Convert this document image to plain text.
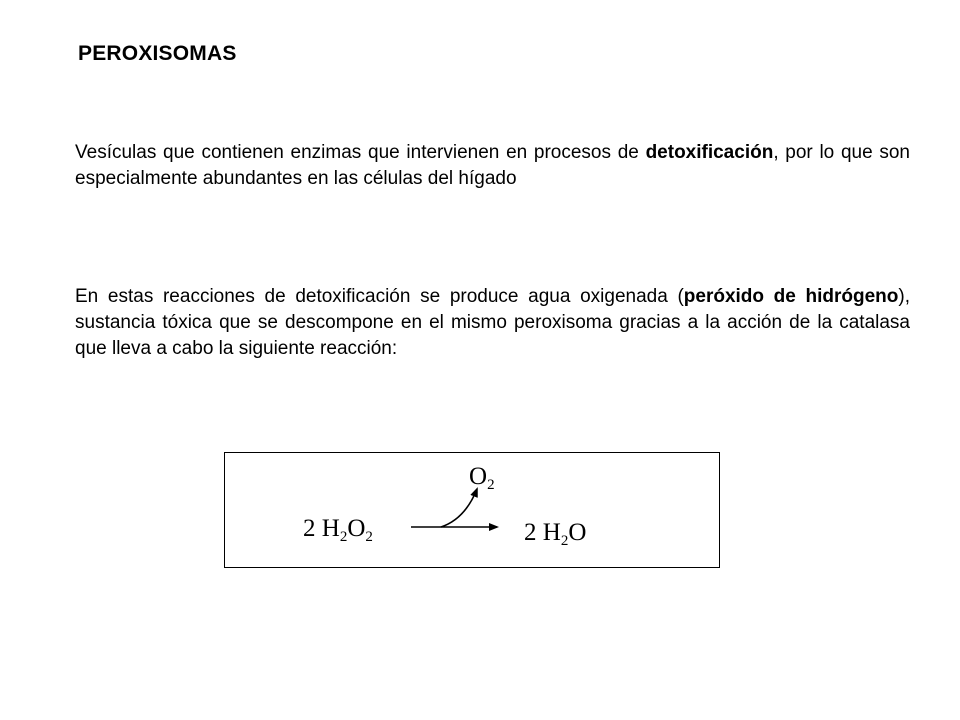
PEROXISOMAS
Vesículas que contienen enzimas que intervienen en procesos de detoxificación, por lo que son especialmente abundantes en las células del hígado
En estas reacciones de detoxificación se produce agua oxigenada (peróxido de hidrógeno), sustancia tóxica que se descompone en el mismo peroxisoma gracias a la acción de la catalasa que lleva a cabo la siguiente reacción:
2 $H_2O_2$
$O_2$
2 $H_2O$
